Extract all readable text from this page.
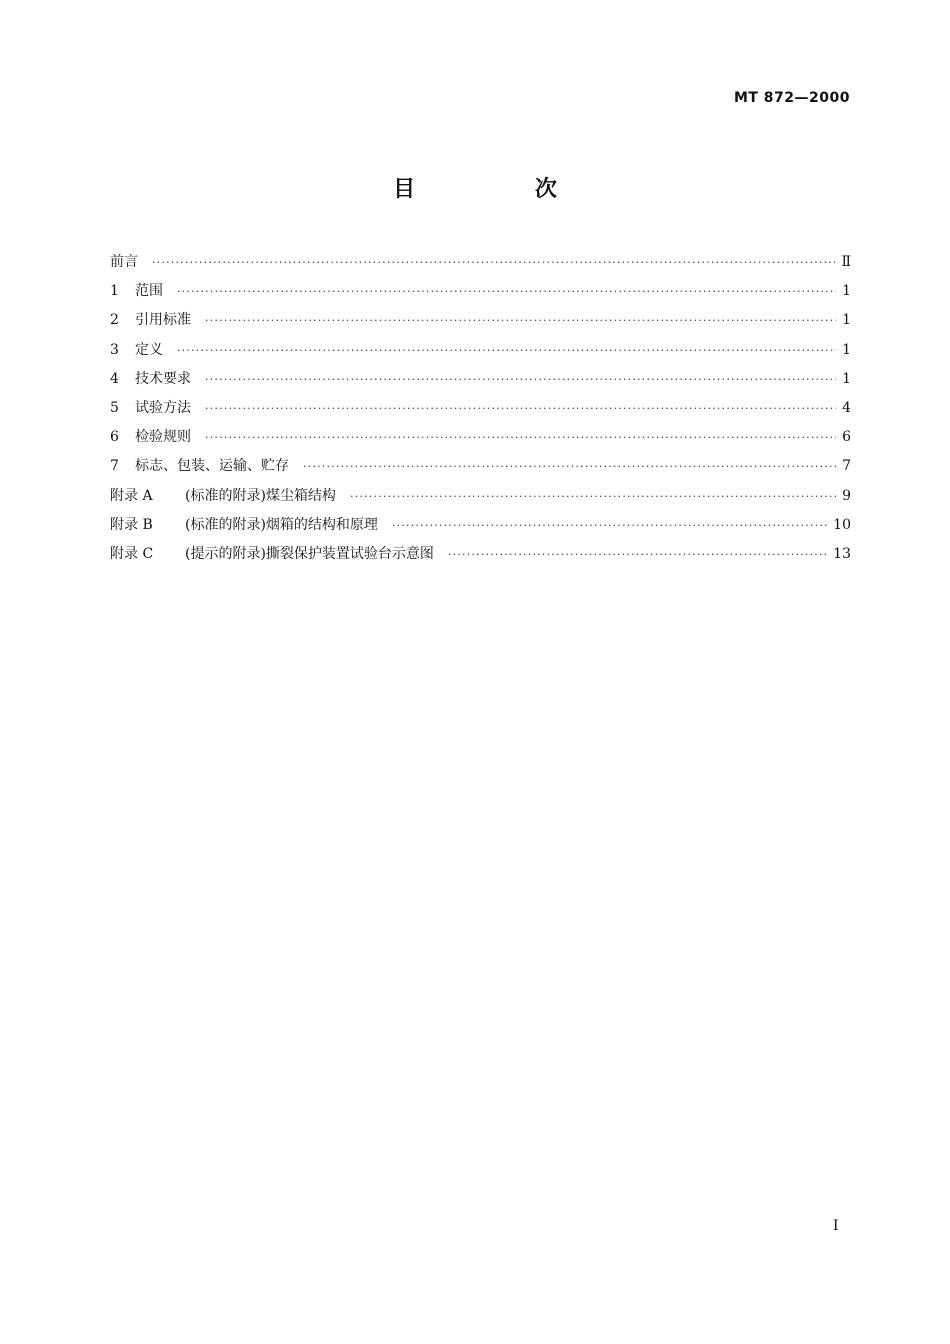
MT 872—2000
目 次
前言 ·····	Ⅱ
1	范围 ·····	1
2	引用标准 ·····	1
3	定义 ·····	1
4	技术要求 ·····	1
5	试验方法 ·····	4
6	检验规则 ·····	6
7	标志、包装、运输、贮存 ·····	7
附录 A	(标准的附录)煤尘箱结构 ·····	9
附录 B	(标准的附录)烟箱的结构和原理 ·····	10
附录 C	(提示的附录)撕裂保护装置试验台示意图 ·····	13
I
